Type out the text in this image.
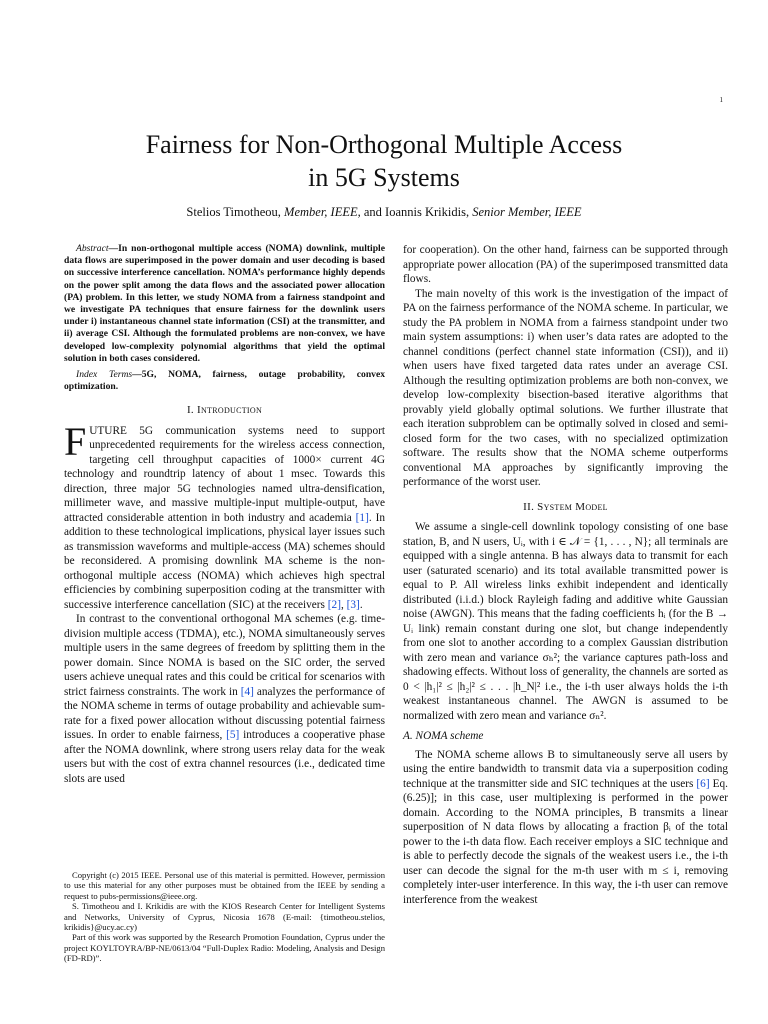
1
Fairness for Non-Orthogonal Multiple Access
in 5G Systems
Stelios Timotheou, Member, IEEE, and Ioannis Krikidis, Senior Member, IEEE

Abstract—In non-orthogonal multiple access (NOMA) downlink, multiple data flows are superimposed in the power domain and user decoding is based on successive interference cancellation. NOMA’s performance highly depends on the power split among the data flows and the associated power allocation (PA) problem. In this letter, we study NOMA from a fairness standpoint and we investigate PA techniques that ensure fairness for the downlink users under i) instantaneous channel state information (CSI) at the transmitter, and ii) average CSI. Although the formulated problems are non-convex, we have developed low-complexity polynomial algorithms that yield the optimal solution in both cases considered.

Index Terms—5G, NOMA, fairness, outage probability, convex optimization.

I. Introduction

FUTURE 5G communication systems need to support unprecedented requirements for the wireless access connection, targeting cell throughput capacities of 1000× current 4G technology and roundtrip latency of about 1 msec. Towards this direction, three major 5G technologies named ultra-densification, millimeter wave, and massive multiple-input multiple-output, have attracted considerable attention in both industry and academia [1]. In addition to these technological implications, physical layer issues such as transmission waveforms and multiple-access (MA) schemes should be reconsidered. A promising downlink MA scheme is the non-orthogonal multiple access (NOMA) which achieves high spectral efficiencies by combining superposition coding at the transmitter with successive interference cancellation (SIC) at the receivers [2], [3].

In contrast to the conventional orthogonal MA schemes (e.g. time-division multiple access (TDMA), etc.), NOMA simultaneously serves multiple users in the same degrees of freedom by splitting them in the power domain. Since NOMA is based on the SIC order, the served users achieve unequal rates and this could be critical for scenarios with strict fairness constraints. The work in [4] analyzes the performance of the NOMA scheme in terms of outage probability and achievable sum-rate for a fixed power allocation without discussing potential fairness issues. In order to enable fairness, [5] introduces a cooperative phase after the NOMA downlink, where strong users relay data for the weak users but with the cost of extra channel resources (i.e., dedicated time slots are used

Copyright (c) 2015 IEEE. Personal use of this material is permitted. However, permission to use this material for any other purposes must be obtained from the IEEE by sending a request to pubs-permissions@ieee.org.

S. Timotheou and I. Krikidis are with the KIOS Research Center for Intelligent Systems and Networks, University of Cyprus, Nicosia 1678 (E-mail: {timotheou.stelios, krikidis}@ucy.ac.cy)

Part of this work was supported by the Research Promotion Foundation, Cyprus under the project KOYLTOYRA/BP-NE/0613/04 “Full-Duplex Radio: Modeling, Analysis and Design (FD-RD)”.

for cooperation). On the other hand, fairness can be supported through appropriate power allocation (PA) of the superimposed transmitted data flows.

The main novelty of this work is the investigation of the impact of PA on the fairness performance of the NOMA scheme. In particular, we study the PA problem in NOMA from a fairness standpoint under two main system assumptions: i) when user’s data rates are adopted to the channel conditions (perfect channel state information (CSI)), and ii) when users have fixed targeted data rates under an average CSI. Although the resulting optimization problems are both non-convex, we develop low-complexity bisection-based iterative algorithms that provably yield globally optimal solutions. We further illustrate that each iteration subproblem can be optimally solved in closed and semi-closed form for the two cases, with no specialized optimization software. The results show that the NOMA scheme outperforms conventional MA approaches by significantly improving the performance of the worst user.

II. System Model

We assume a single-cell downlink topology consisting of one base station, B, and N users, Uᵢ, with i ∈ 𝒩 = {1, . . . , N}; all terminals are equipped with a single antenna. B has always data to transmit for each user (saturated scenario) and its total available transmitted power is equal to P. All wireless links exhibit independent and identically distributed (i.i.d.) block Rayleigh fading and additive white Gaussian noise (AWGN). This means that the fading coefficients hᵢ (for the B → Uᵢ link) remain constant during one slot, but change independently from one slot to another according to a complex Gaussian distribution with zero mean and variance σₕ²; the variance captures path-loss and shadowing effects. Without loss of generality, the channels are sorted as 0 < |h₁|² ≤ |h₂|² ≤ . . . |h_N|² i.e., the i-th user always holds the i-th weakest instantaneous channel. The AWGN is assumed to be normalized with zero mean and variance σₙ².

A. NOMA scheme

The NOMA scheme allows B to simultaneously serve all users by using the entire bandwidth to transmit data via a superposition coding technique at the transmitter side and SIC techniques at the users [6] Eq. (6.25)]; in this case, user multiplexing is performed in the power domain. According to the NOMA principles, B transmits a linear superposition of N data flows by allocating a fraction βᵢ of the total power to the i-th data flow. Each receiver employs a SIC technique and is able to perfectly decode the signals of the weakest users i.e., the i-th user can decode the signal for the m-th user with m ≤ i, removing completely inter-user interference. In this way, the i-th user can remove interference from the weakest
